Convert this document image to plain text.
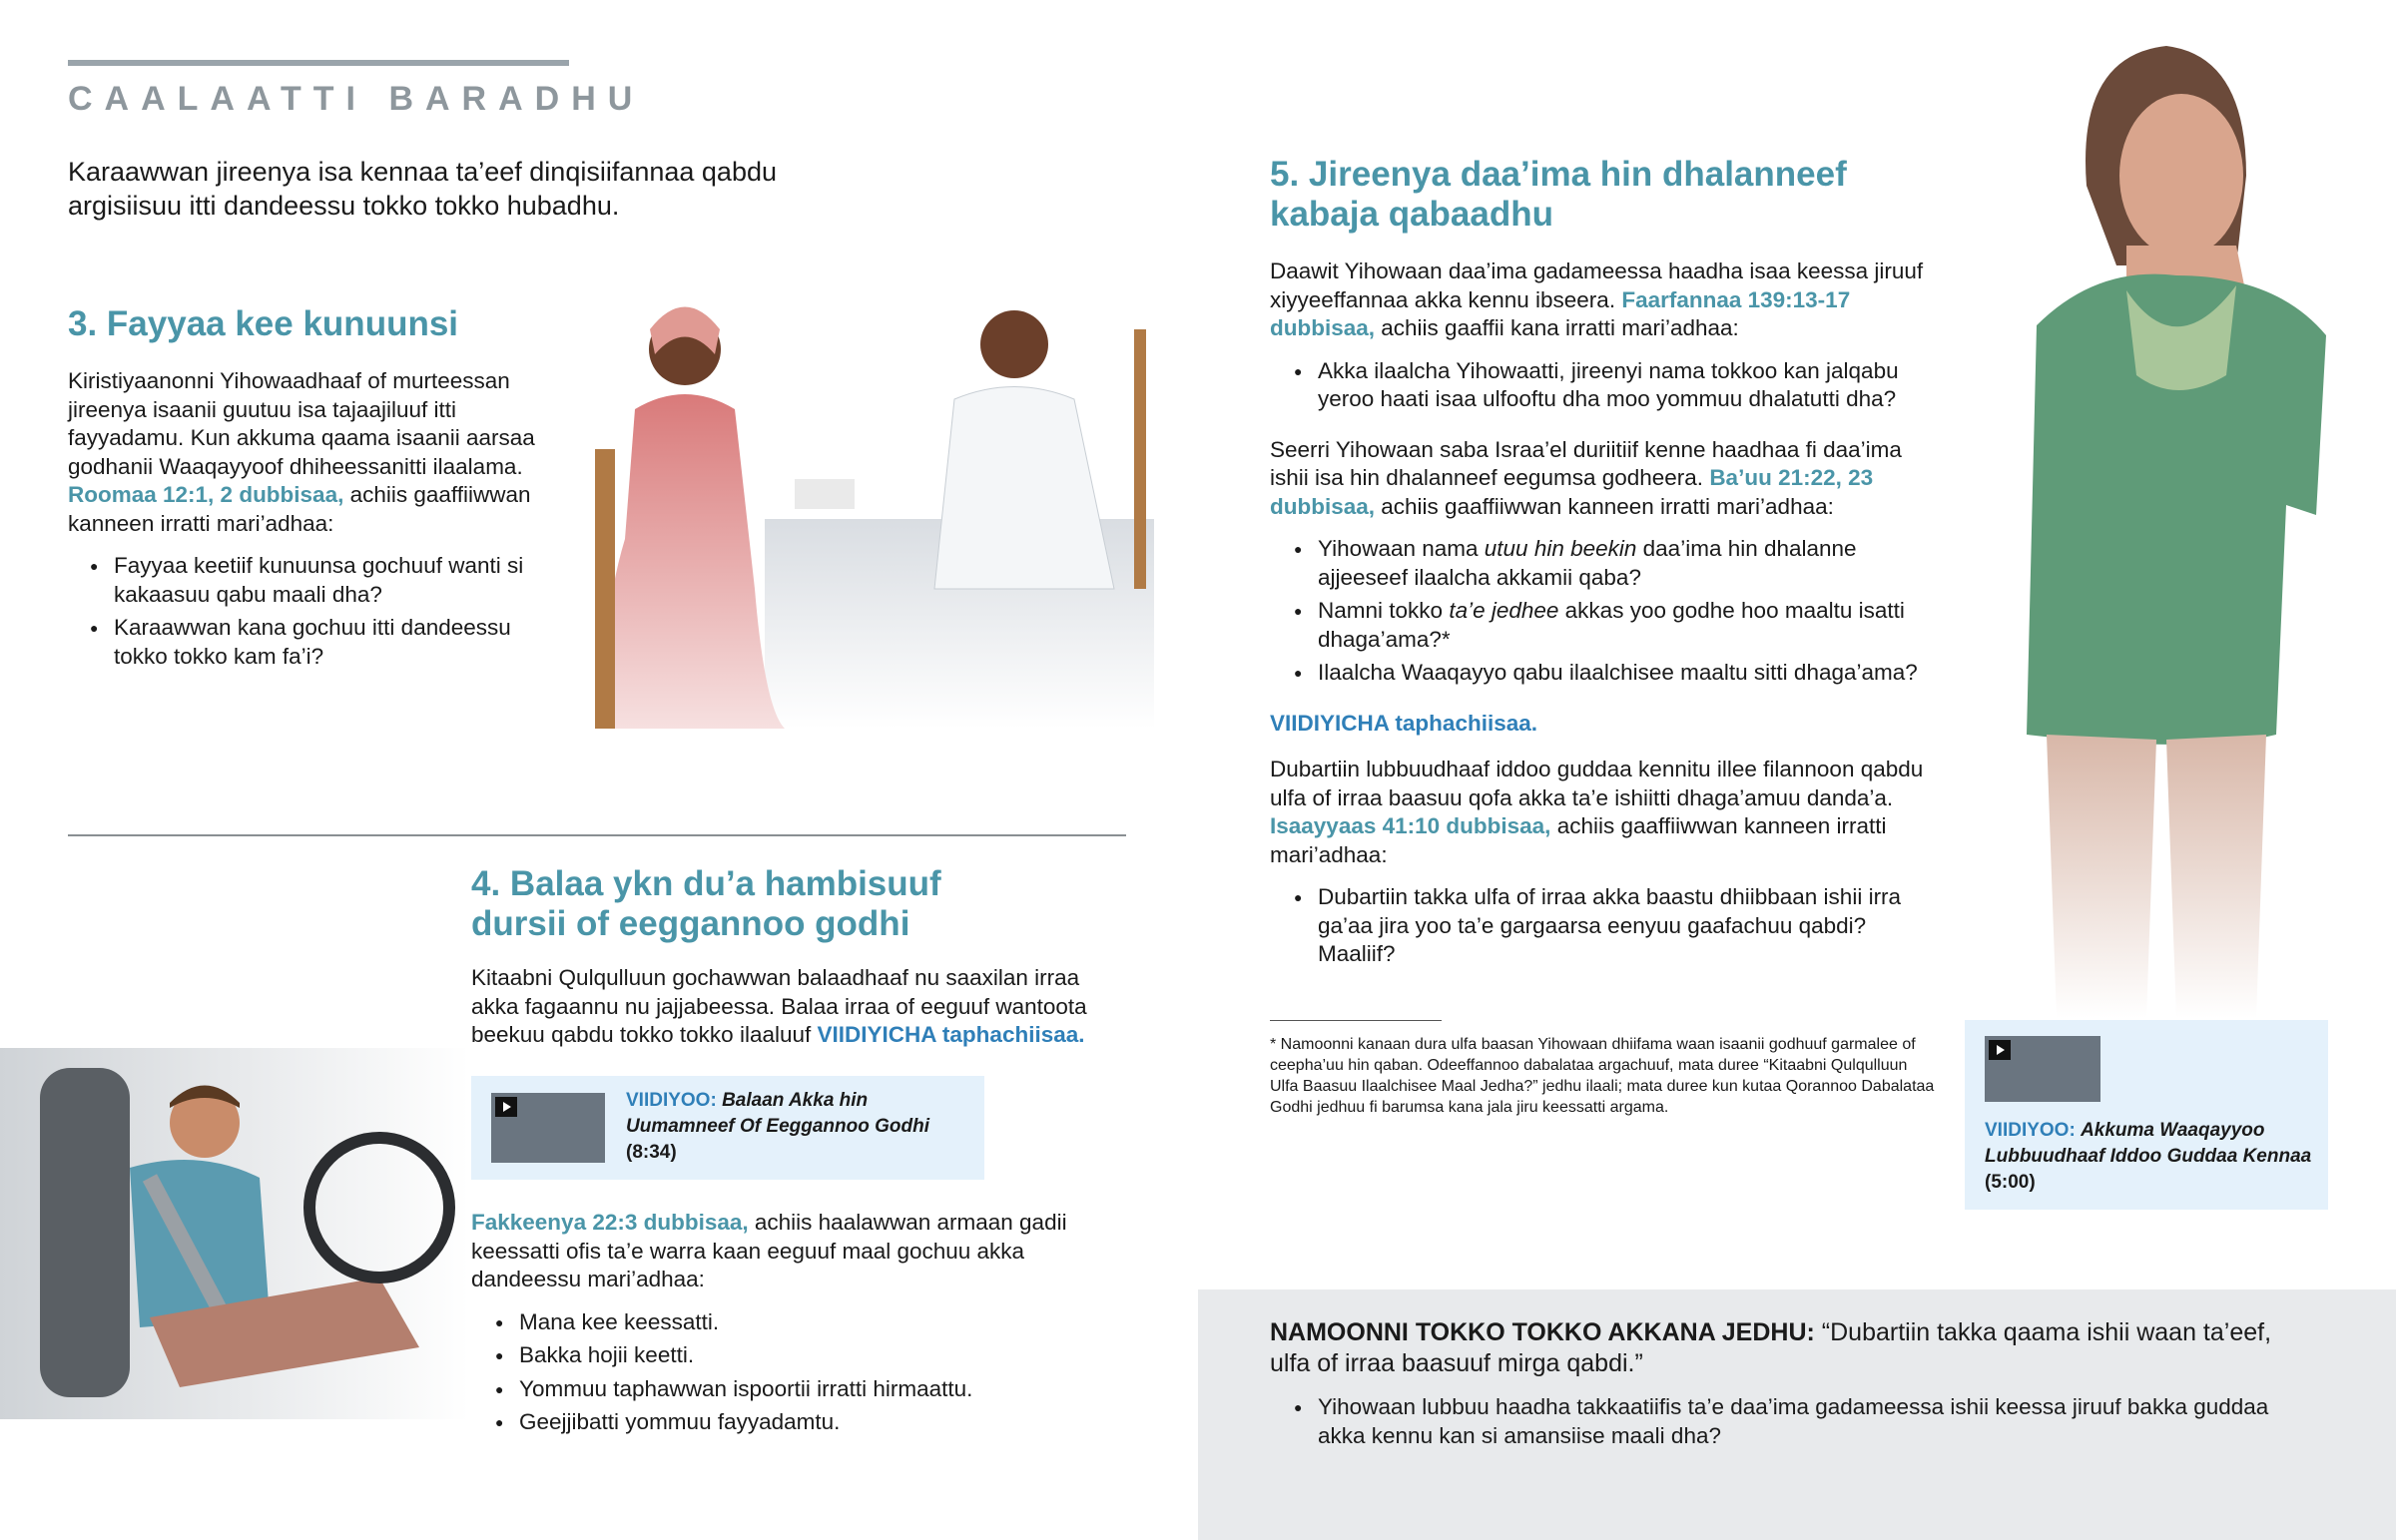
CAALAATTI BARADHU
Karaawwan jireenya isa kennaa ta’eef dinqisiifannaa qabdu argisiisuu itti dandeessu tokko tokko hubadhu.
3. Fayyaa kee kunuunsi

Kiristiyaanonni Yihowaadhaaf of murteessan jireenya isaanii guutuu isa tajaajiluuf itti fayyadamu. Kun akkuma qaama isaanii aarsaa godhanii Waaqayyoof dhiheessanitti ilaalama. Roomaa 12:1, 2 dubbisaa, achiis gaaffiiwwan kanneen irratti mari’adhaa:

● Fayyaa keetiif kunuunsa gochuuf wanti si kakaasuu qabu maali dha?
● Karaawwan kana gochuu itti dandeessu tokko tokko kam fa’i?
4. Balaa ykn du’a hambisuuf
dursii of eeggannoo godhi

Kitaabni Qulqulluun gochawwan balaadhaaf nu saaxilan irraa akka fagaannu nu jajjabeessa. Balaa irraa of eeguuf wantoota beekuu qabdu tokko tokko ilaaluuf VIIDIYICHA taphachiisaa.

VIIDIYOO: Balaan Akka hin Uumamneef Of Eeggannoo Godhi (8:34)

Fakkeenya 22:3 dubbisaa, achiis haalawwan armaan gadii keessatti ofis ta’e warra kaan eeguuf maal gochuu akka dandeessu mari’adhaa:

● Mana kee keessatti.
● Bakka hojii keetti.
● Yommuu taphawwan ispoortii irratti hirmaattu.
● Geejjibatti yommuu fayyadamtu.
5. Jireenya daa’ima hin dhalanneef
kabaja qabaadhu

Daawit Yihowaan daa’ima gadameessa haadha isaa keessa jiruuf xiyyeeffannaa akka kennu ibseera. Faarfannaa 139:13-17 dubbisaa, achiis gaaffii kana irratti mari’adhaa:

● Akka ilaalcha Yihowaatti, jireenyi nama tokkoo kan jalqabu yeroo haati isaa ulfooftu dha moo yommuu dhalatutti dha?

Seerri Yihowaan saba Israa’el duriitiif kenne haadhaa fi daa’ima ishii isa hin dhalanneef eegumsa godheera. Ba’uu 21:22, 23 dubbisaa, achiis gaaffiiwwan kanneen irratti mari’adhaa:

● Yihowaan nama utuu hin beekin daa’ima hin dhalanne ajjeeseef ilaalcha akkamii qaba?
● Namni tokko ta’e jedhee akkas yoo godhe hoo maaltu isatti dhaga’ama?*
● Ilaalcha Waaqayyo qabu ilaalchisee maaltu sitti dhaga’ama?

VIIDIYICHA taphachiisaa.

Dubartiin lubbuudhaaf iddoo guddaa kennitu illee filannoon qabdu ulfa of irraa baasuu qofa akka ta’e ishiitti dhaga’amuu danda’a. Isaayyaas 41:10 dubbisaa, achiis gaaffiiwwan kanneen irratti mari’adhaa:

● Dubartiin takka ulfa of irraa akka baastu dhiibbaan ishii irra ga’aa jira yoo ta’e gargaarsa eenyuu gaafachuu qabdi? Maaliif?
* Namoonni kanaan dura ulfa baasan Yihowaan dhiifama waan isaanii godhuuf garmalee of ceepha’uu hin qaban. Odeeffannoo dabalataa argachuuf, mata duree “Kitaabni Qulqulluun Ulfa Baasuu Ilaalchisee Maal Jedha?” jedhu ilaali; mata duree kun kutaa Qorannoo Dabalataa Godhi jedhuu fi barumsa kana jala jiru keessatti argama.
VIIDIYOO: Akkuma Waaqayyoo Lubbuudhaaf Iddoo Guddaa Kennaa (5:00)

NAMOONNI TOKKO TOKKO AKKANA JEDHU: “Dubartiin takka qaama ishii waan ta’eef, ulfa of irraa baasuuf mirga qabdi.”

● Yihowaan lubbuu haadha takkaatiifis ta’e daa’ima gadameessa ishii keessa jiruuf bakka guddaa akka kennu kan si amansiise maali dha?
